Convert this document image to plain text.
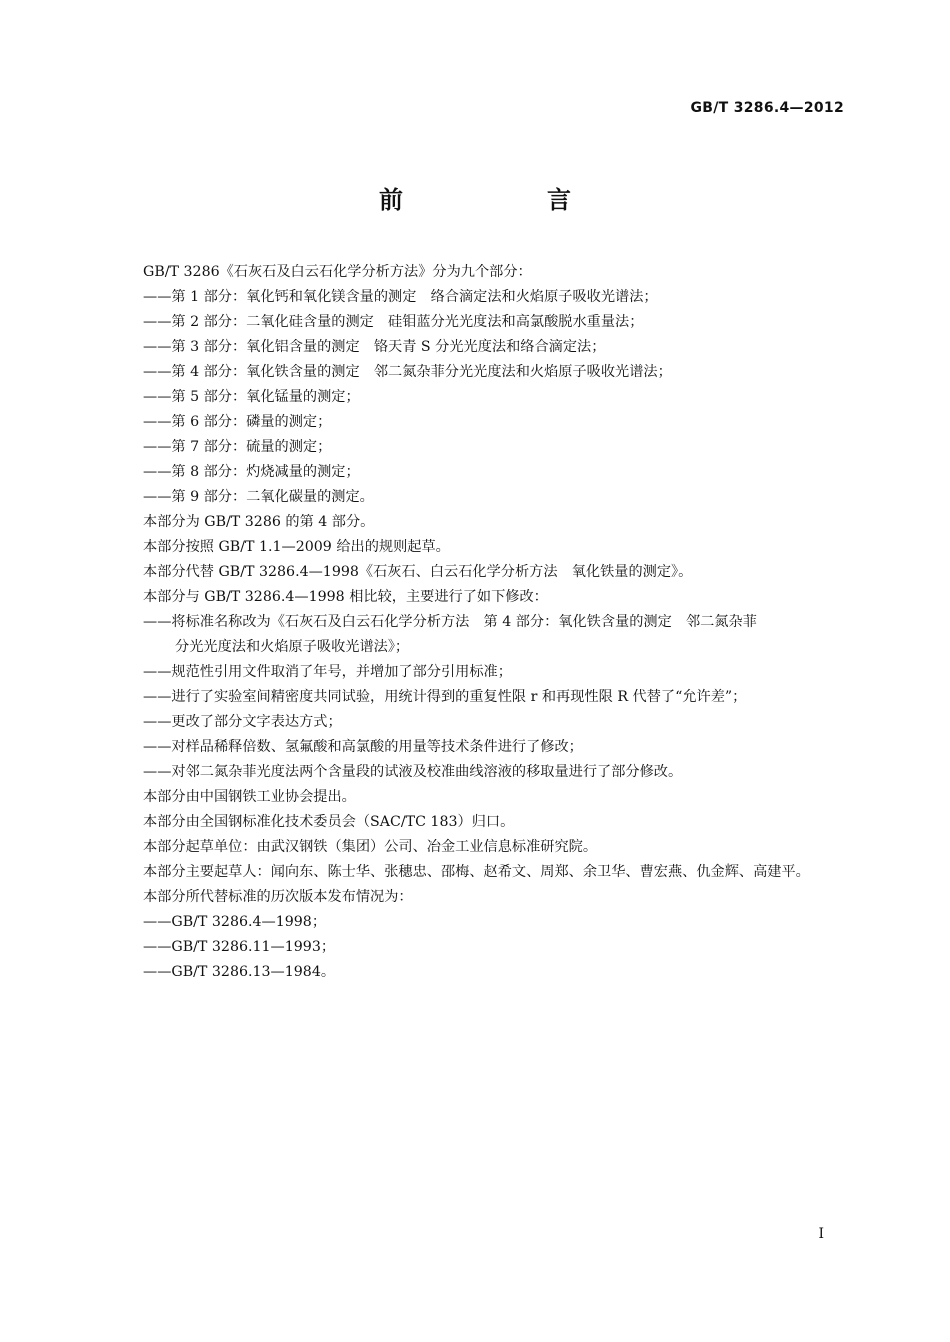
GB/T 3286.4—2012
前　言
GB/T 3286《石灰石及白云石化学分析方法》分为九个部分：
——第 1 部分：氧化钙和氧化镁含量的测定　络合滴定法和火焰原子吸收光谱法；
——第 2 部分：二氧化硅含量的测定　硅钼蓝分光光度法和高氯酸脱水重量法；
——第 3 部分：氧化铝含量的测定　铬天青 S 分光光度法和络合滴定法；
——第 4 部分：氧化铁含量的测定　邻二氮杂菲分光光度法和火焰原子吸收光谱法；
——第 5 部分：氧化锰量的测定；
——第 6 部分：磷量的测定；
——第 7 部分：硫量的测定；
——第 8 部分：灼烧减量的测定；
——第 9 部分：二氧化碳量的测定。
本部分为 GB/T 3286 的第 4 部分。
本部分按照 GB/T 1.1—2009 给出的规则起草。
本部分代替 GB/T 3286.4—1998《石灰石、白云石化学分析方法　氧化铁量的测定》。
本部分与 GB/T 3286.4—1998 相比较，主要进行了如下修改：
——将标准名称改为《石灰石及白云石化学分析方法　第 4 部分：氧化铁含量的测定　邻二氮杂菲
分光光度法和火焰原子吸收光谱法》；
——规范性引用文件取消了年号，并增加了部分引用标准；
——进行了实验室间精密度共同试验，用统计得到的重复性限 r 和再现性限 R 代替了“允许差”；
——更改了部分文字表达方式；
——对样品稀释倍数、氢氟酸和高氯酸的用量等技术条件进行了修改；
——对邻二氮杂菲光度法两个含量段的试液及校准曲线溶液的移取量进行了部分修改。
本部分由中国钢铁工业协会提出。
本部分由全国钢标准化技术委员会（SAC/TC 183）归口。
本部分起草单位：由武汉钢铁（集团）公司、冶金工业信息标准研究院。
本部分主要起草人：闻向东、陈士华、张穗忠、邵梅、赵希文、周郑、余卫华、曹宏燕、仇金辉、高建平。
本部分所代替标准的历次版本发布情况为：
——GB/T 3286.4—1998；
——GB/T 3286.11—1993；
——GB/T 3286.13—1984。
I
